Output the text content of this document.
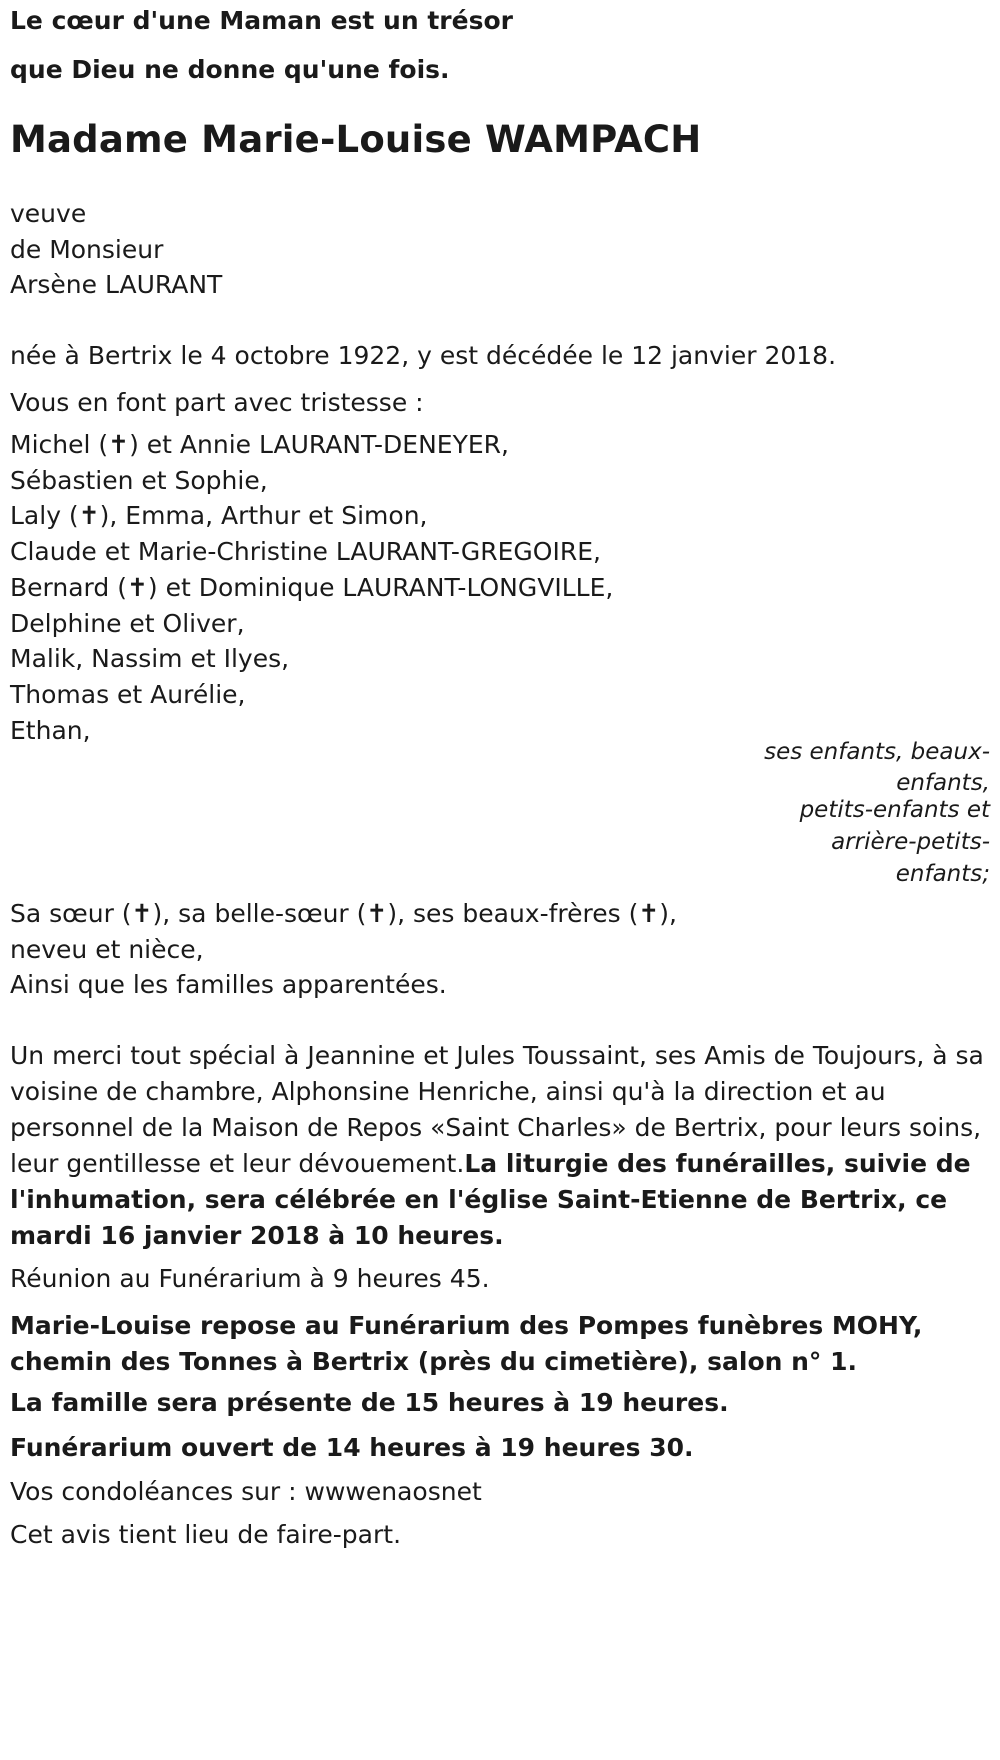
Le cœur d'une Maman est un trésor
que Dieu ne donne qu'une fois.
Madame Marie-Louise WAMPACH
veuve
de Monsieur
Arsène LAURANT
née à Bertrix le 4 octobre 1922, y est décédée le 12 janvier 2018.
Vous en font part avec tristesse :
Michel (✝) et Annie LAURANT-DENEYER,
Sébastien et Sophie,
Laly (✝), Emma, Arthur et Simon,
Claude et Marie-Christine LAURANT-GREGOIRE,
Bernard (✝) et Dominique LAURANT-LONGVILLE,
Delphine et Oliver,
Malik, Nassim et Ilyes,
Thomas et Aurélie,
Ethan,
ses enfants, beaux-
enfants,
petits-enfants et
arrière-petits-
enfants;
Sa sœur (✝), sa belle-sœur (✝), ses beaux-frères (✝),
neveu et nièce,
Ainsi que les familles apparentées.

Un merci tout spécial à Jeannine et Jules Toussaint, ses Amis de Toujours, à sa voisine de chambre, Alphonsine Henriche, ainsi qu'à la direction et au personnel de la Maison de Repos «Saint Charles» de Bertrix, pour leurs soins, leur gentillesse et leur dévouement.La liturgie des funérailles, suivie de l'inhumation, sera célébrée en l'église Saint-Etienne de Bertrix, ce mardi 16 janvier 2018 à 10 heures.

Réunion au Funérarium à 9 heures 45.

Marie-Louise repose au Funérarium des Pompes funèbres MOHY, chemin des Tonnes à Bertrix (près du cimetière), salon n° 1.

La famille sera présente de 15 heures à 19 heures.
Funérarium ouvert de 14 heures à 19 heures 30.
Vos condoléances sur : wwwenaosnet
Cet avis tient lieu de faire-part.
